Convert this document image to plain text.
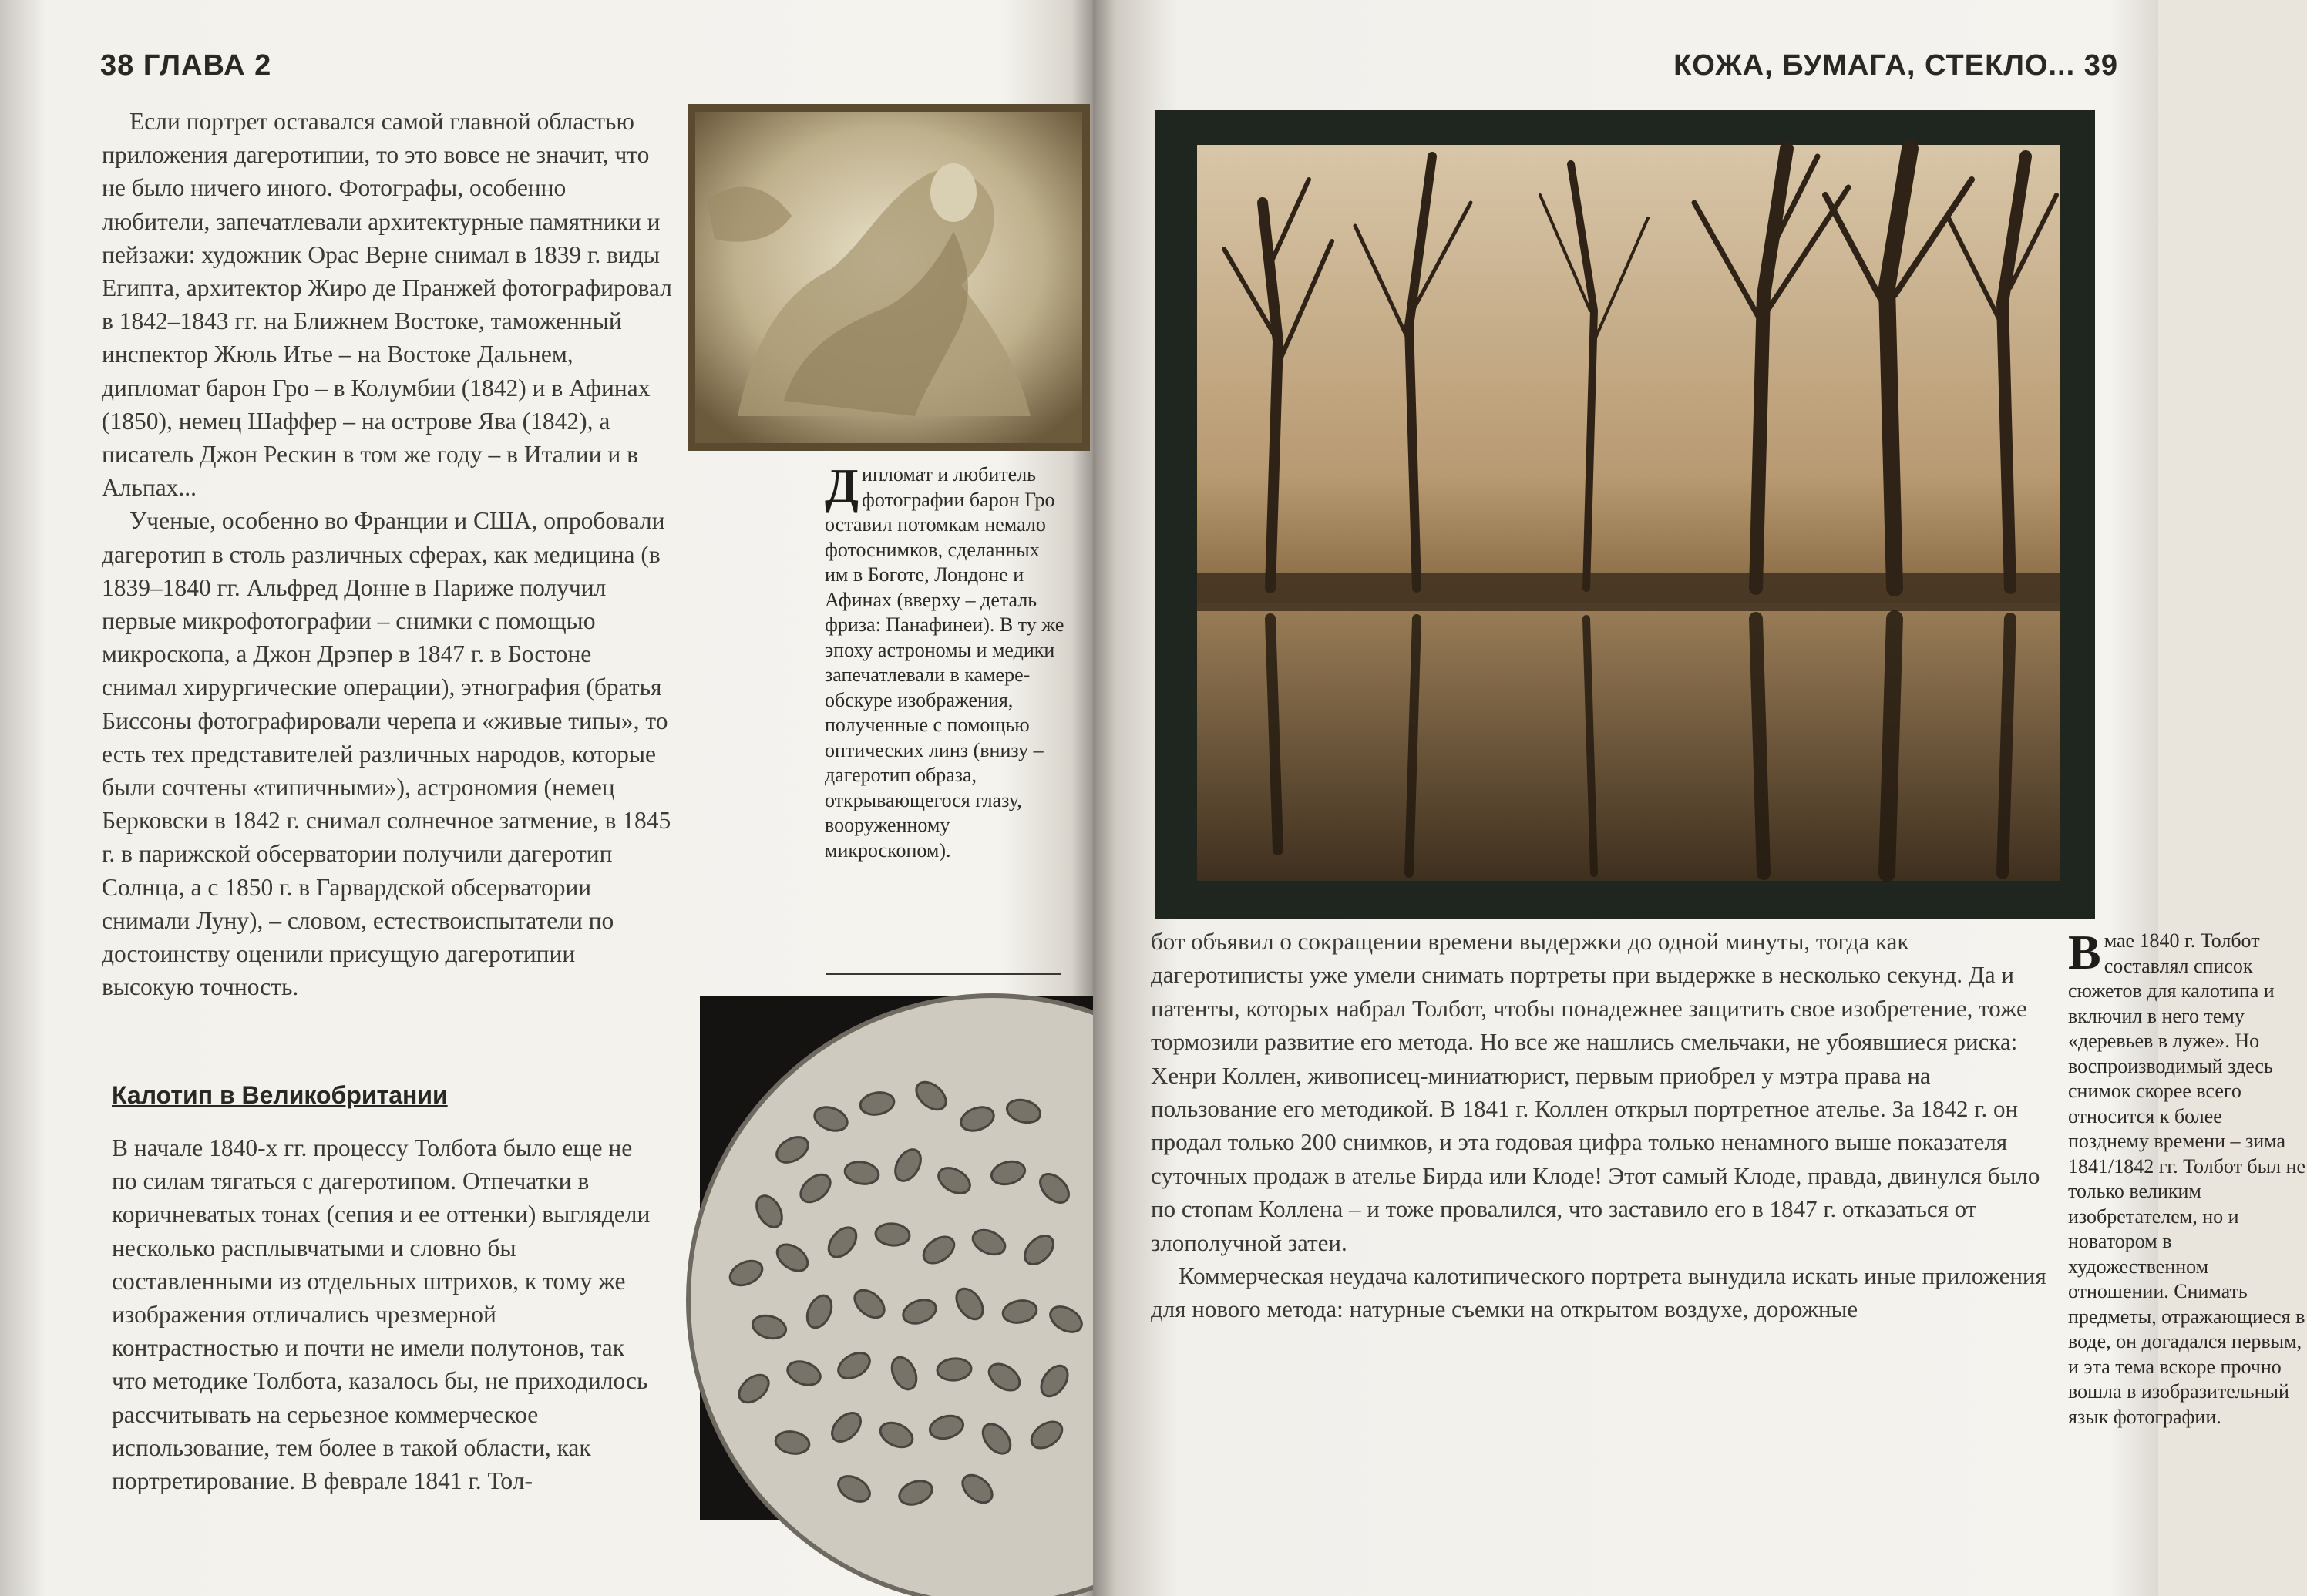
38 ГЛАВА 2

Если портрет оставался самой главной областью приложения дагеротипии, то это вовсе не значит, что не было ничего иного. Фотографы, особенно любители, запечатлевали архитектурные памятники и пейзажи: художник Орас Верне снимал в 1839 г. виды Египта, архитектор Жиро де Пранжей фотографировал в 1842–1843 гг. на Ближнем Востоке, таможенный инспектор Жюль Итье – на Востоке Дальнем, дипломат барон Гро – в Колумбии (1842) и в Афинах (1850), немец Шаффер – на острове Ява (1842), а писатель Джон Рескин в том же году – в Италии и в Альпах...

Ученые, особенно во Франции и США, опробовали дагеротип в столь различных сферах, как медицина (в 1839–1840 гг. Альфред Донне в Париже получил первые микрофотографии – снимки с помощью микроскопа, а Джон Дрэпер в 1847 г. в Бостоне снимал хирургические операции), этнография (братья Биссоны фотографировали черепа и «живые типы», то есть тех представителей различных народов, которые были сочтены «типичными»), астрономия (немец Берковски в 1842 г. снимал солнечное затмение, в 1845 г. в парижской обсерватории получили дагеротип Солнца, а с 1850 г. в Гарвардской обсерватории снимали Луну), – словом, естествоиспытатели по достоинству оценили присущую дагеротипии высокую точность.

Дипломат и любитель фотографии барон Гро оставил потомкам немало фотоснимков, сделанных им в Боготе, Лондоне и Афинах (вверху – деталь фриза: Панафинеи). В ту же эпоху астрономы и медики запечатлевали в камере-обскуре изображения, полученные с помощью оптических линз (внизу – дагеротип образа, открывающегося глазу, вооруженному микроскопом).
Калотип в Великобритании

В начале 1840-х гг. процессу Толбота было еще не по силам тягаться с дагеротипом. Отпечатки в коричневатых тонах (сепия и ее оттенки) выглядели несколько расплывчатыми и словно бы составленными из отдельных штрихов, к тому же изображения отличались чрезмерной контрастностью и почти не имели полутонов, так что методике Толбота, казалось бы, не приходилось рассчитывать на серьезное коммерческое использование, тем более в такой области, как портретирование. В феврале 1841 г. Тол-

КОЖА, БУМАГА, СТЕКЛО... 39

бот объявил о сокращении времени выдержки до одной минуты, тогда как дагеротиписты уже умели снимать портреты при выдержке в несколько секунд. Да и патенты, которых набрал Толбот, чтобы понадежнее защитить свое изобретение, тоже тормозили развитие его метода. Но все же нашлись смельчаки, не убоявшиеся риска: Хенри Коллен, живописец-миниатюрист, первым приобрел у мэтра права на пользование его методикой. В 1841 г. Коллен открыл портретное ателье. За 1842 г. он продал только 200 снимков, и эта годовая цифра только ненамного выше показателя суточных продаж в ателье Бирда или Клоде! Этот самый Клоде, правда, двинулся было по стопам Коллена – и тоже провалился, что заставило его в 1847 г. отказаться от злополучной затеи.

Коммерческая неудача калотипического портрета вынудила искать иные приложения для нового метода: натурные съемки на открытом воздухе, дорожные

В мае 1840 г. Толбот составлял список сюжетов для калотипа и включил в него тему «деревьев в луже». Но воспроизводимый здесь снимок скорее всего относится к более позднему времени – зима 1841/1842 гг. Толбот был не только великим изобретателем, но и новатором в художественном отношении. Снимать предметы, отражающиеся в воде, он догадался первым, и эта тема вскоре прочно вошла в изобразительный язык фотографии.
